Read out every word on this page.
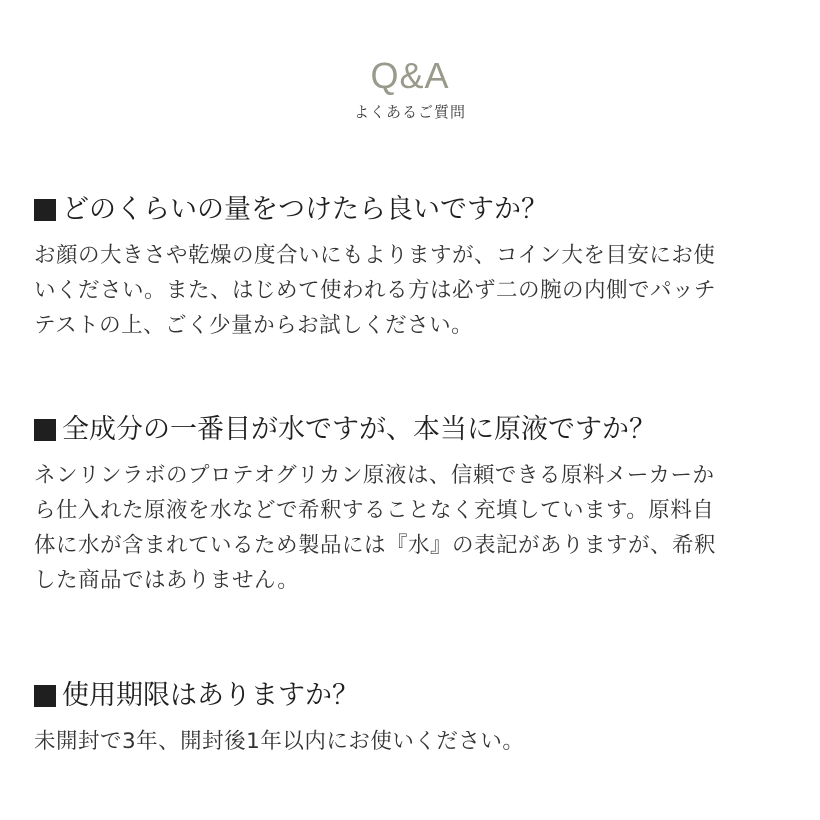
Q&A
よくあるご質問
どのくらいの量をつけたら良いですか？
お顔の大きさや乾燥の度合いにもよりますが、コイン大を目安にお使
いください。また、はじめて使われる方は必ず二の腕の内側でパッチ
テストの上、ごく少量からお試しください。
全成分の一番目が水ですが、本当に原液ですか？
ネンリンラボのプロテオグリカン原液は、信頼できる原料メーカーか
ら仕入れた原液を水などで希釈することなく充填しています。原料自
体に水が含まれているため製品には『水』の表記がありますが、希釈
した商品ではありません。
使用期限はありますか？
未開封で3年、開封後1年以内にお使いください。
